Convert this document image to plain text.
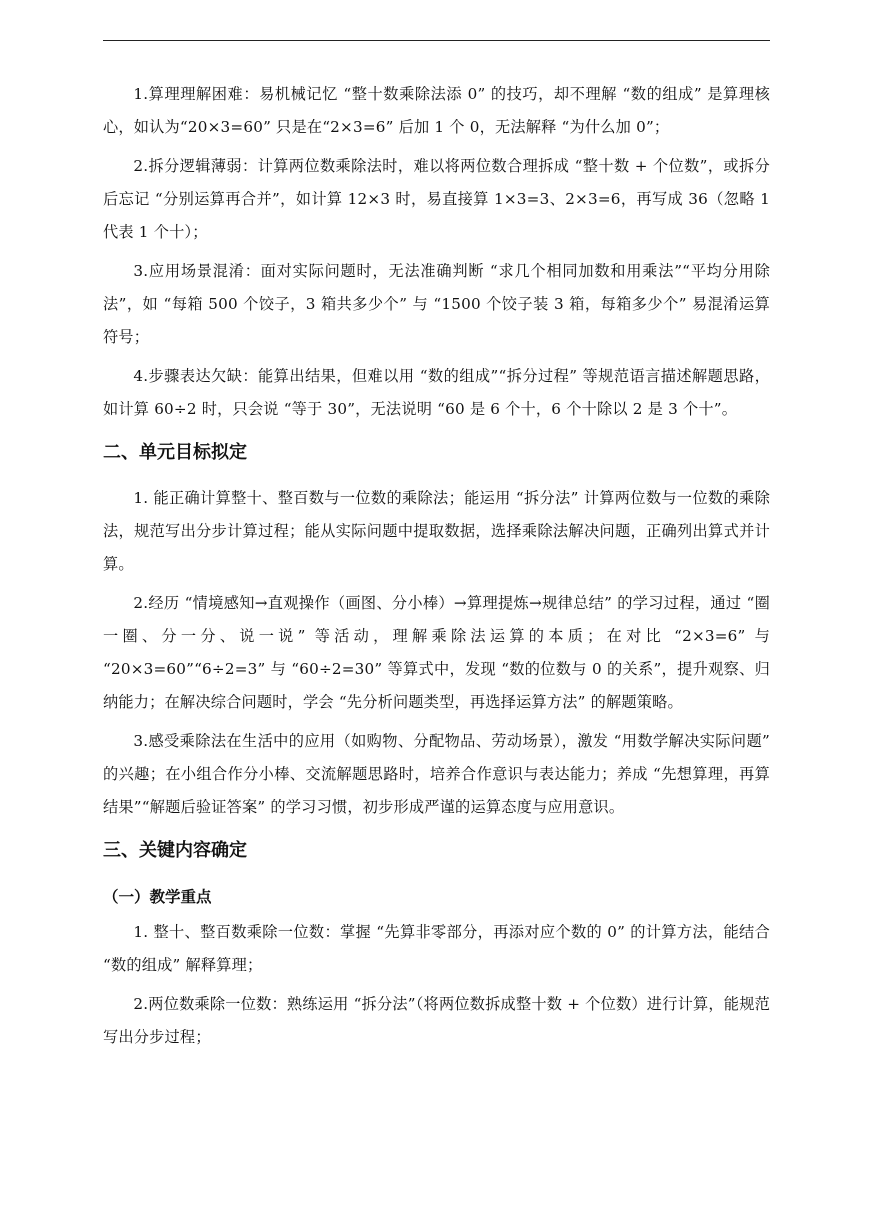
1.算理理解困难：易机械记忆 “整十数乘除法添 0” 的技巧，却不理解 “数的组成” 是算理核心，如认为“20×3=60” 只是在“2×3=6” 后加 1 个 0，无法解释 “为什么加 0”；

2.拆分逻辑薄弱：计算两位数乘除法时，难以将两位数合理拆成 “整十数 + 个位数”，或拆分后忘记 “分别运算再合并”，如计算 12×3 时，易直接算 1×3=3、2×3=6，再写成 36（忽略 1 代表 1 个十）；

3.应用场景混淆：面对实际问题时，无法准确判断 “求几个相同加数和用乘法”“平均分用除法”，如 “每箱 500 个饺子，3 箱共多少个” 与 “1500 个饺子装 3 箱，每箱多少个” 易混淆运算符号；

4.步骤表达欠缺：能算出结果，但难以用 “数的组成”“拆分过程” 等规范语言描述解题思路，如计算 60÷2 时，只会说 “等于 30”，无法说明 “60 是 6 个十，6 个十除以 2 是 3 个十”。

二、单元目标拟定

1. 能正确计算整十、整百数与一位数的乘除法；能运用 “拆分法” 计算两位数与一位数的乘除法，规范写出分步计算过程；能从实际问题中提取数据，选择乘除法解决问题，正确列出算式并计算。

2.经历 “情境感知→直观操作（画图、分小棒）→算理提炼→规律总结” 的学习过程，通过 “圈一圈、分一分、说一说” 等活动，理解乘除法运算的本质；在对比 “2×3=6” 与 “20×3=60”“6÷2=3” 与 “60÷2=30” 等算式中，发现 “数的位数与 0 的关系”，提升观察、归纳能力；在解决综合问题时，学会 “先分析问题类型，再选择运算方法” 的解题策略。

3.感受乘除法在生活中的应用（如购物、分配物品、劳动场景），激发 “用数学解决实际问题” 的兴趣；在小组合作分小棒、交流解题思路时，培养合作意识与表达能力；养成 “先想算理，再算结果”“解题后验证答案” 的学习习惯，初步形成严谨的运算态度与应用意识。

三、关键内容确定
（一）教学重点

1. 整十、整百数乘除一位数：掌握 “先算非零部分，再添对应个数的 0” 的计算方法，能结合 “数的组成” 解释算理；

2.两位数乘除一位数：熟练运用 “拆分法”（将两位数拆成整十数 + 个位数）进行计算，能规范写出分步过程；
